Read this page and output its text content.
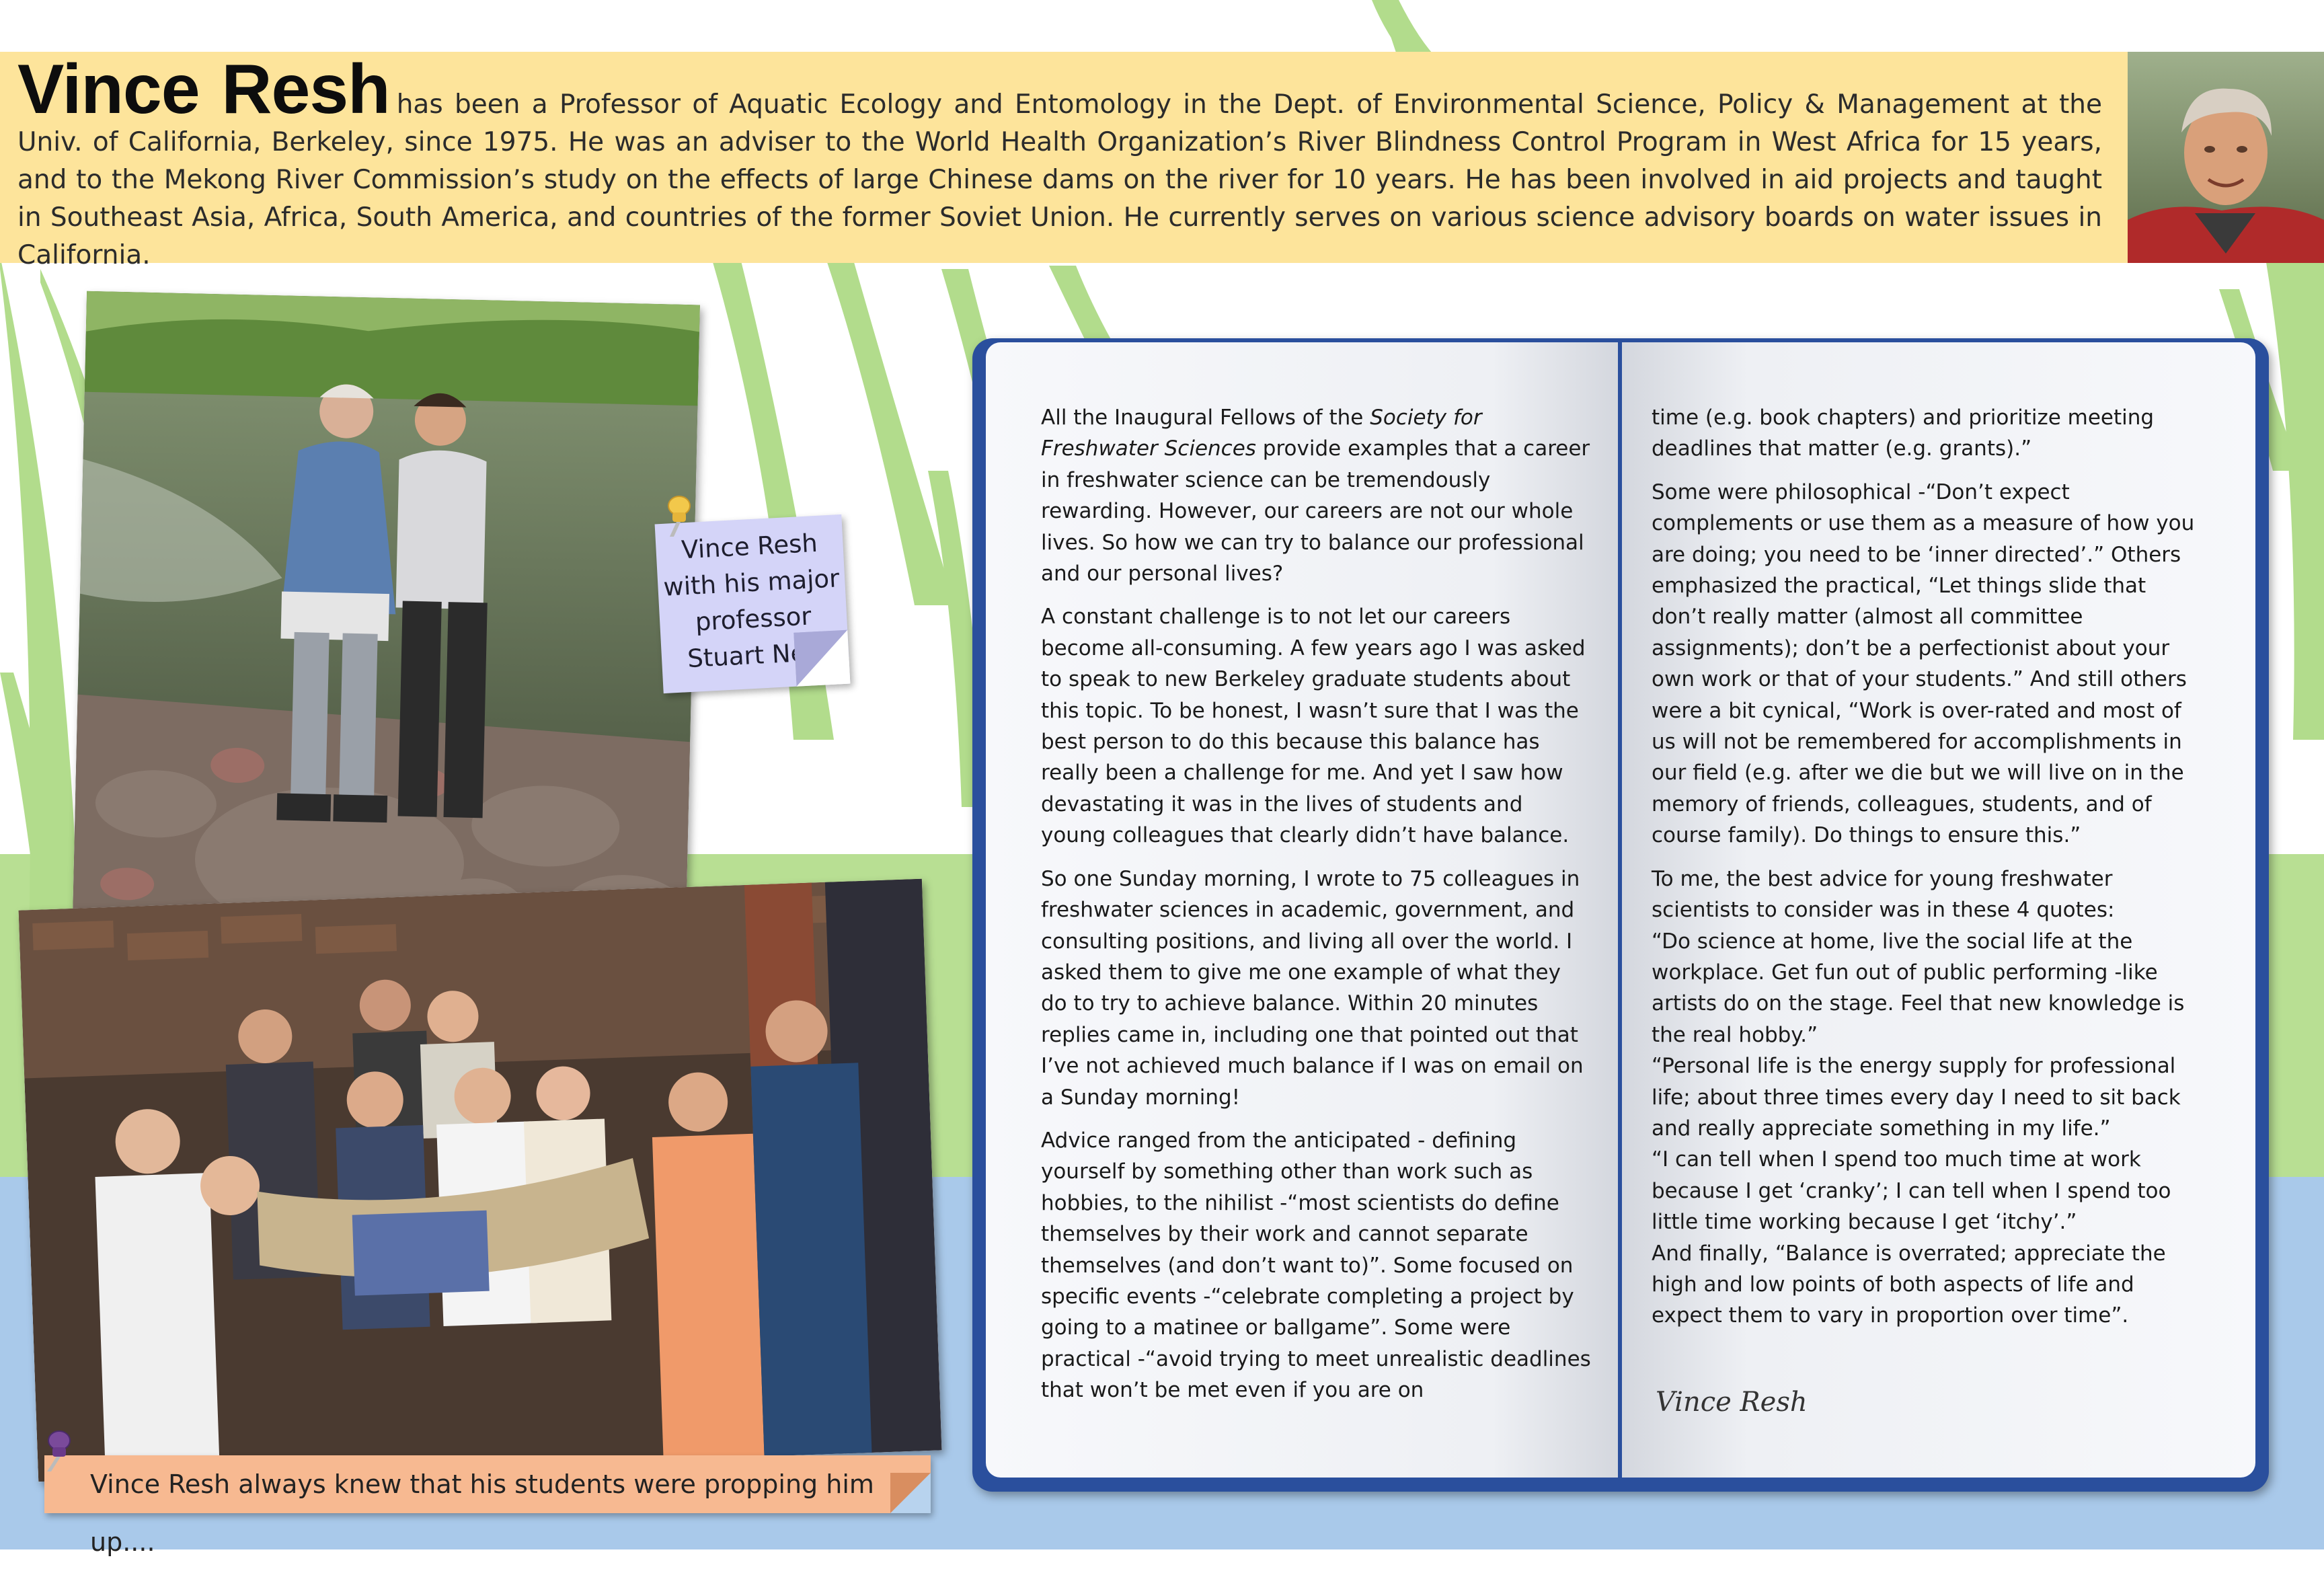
Vince Resh has been a Professor of Aquatic Ecology and Entomology in the Dept. of Environmental Science, Policy & Management at the Univ. of California, Berkeley, since 1975. He was an adviser to the World Health Organization’s River Blindness Control Program in West Africa for 15 years, and to the Mekong River Commission’s study on the effects of large Chinese dams on the river for 10 years. He has been involved in aid projects and taught in Southeast Asia, Africa, South America, and countries of the former Soviet Union. He currently serves on various science advisory boards on water issues in California.
Vince Resh
with his major
professor
Stuart Neff
Vince Resh always knew that his students were propping him up....

All the Inaugural Fellows of the Society for Freshwater Sciences provide examples that a career in freshwater science can be tremendously rewarding. However, our careers are not our whole lives. So how we can try to balance our professional and our personal lives?

A constant challenge is to not let our careers become all-consuming. A few years ago I was asked to speak to new Berkeley graduate students about this topic. To be honest, I wasn’t sure that I was the best person to do this because this balance has really been a challenge for me. And yet I saw how devastating it was in the lives of students and young colleagues that clearly didn’t have balance.

So one Sunday morning, I wrote to 75 colleagues in freshwater sciences in academic, government, and consulting positions, and living all over the world. I asked them to give me one example of what they do to try to achieve balance. Within 20 minutes replies came in, including one that pointed out that I’ve not achieved much balance if I was on email on a Sunday morning!

Advice ranged from the anticipated - defining yourself by something other than work such as hobbies, to the nihilist -“most scientists do define themselves by their work and cannot separate themselves (and don’t want to)”. Some focused on specific events -“celebrate completing a project by going to a matinee or ballgame”. Some were practical -“avoid trying to meet unrealistic deadlines that won’t be met even if you are on

time (e.g. book chapters) and prioritize meeting deadlines that matter (e.g. grants).”

Some were philosophical -“Don’t expect complements or use them as a measure of how you are doing; you need to be ‘inner directed’.” Others emphasized the practical, “Let things slide that don’t really matter (almost all committee assignments); don’t be a perfectionist about your own work or that of your students.” And still others were a bit cynical, “Work is over-rated and most of us will not be remembered for accomplishments in our field (e.g. after we die but we will live on in the memory of friends, colleagues, students, and of course family). Do things to ensure this.”

To me, the best advice for young freshwater scientists to consider was in these 4 quotes:
“Do science at home, live the social life at the workplace. Get fun out of public performing -like artists do on the stage. Feel that new knowledge is the real hobby.”
“Personal life is the energy supply for professional life; about three times every day I need to sit back and really appreciate something in my life.”
“I can tell when I spend too much time at work because I get ‘cranky’; I can tell when I spend too little time working because I get ‘itchy’.”
And finally, “Balance is overrated; appreciate the high and low points of both aspects of life and expect them to vary in proportion over time”.

Vince Resh
